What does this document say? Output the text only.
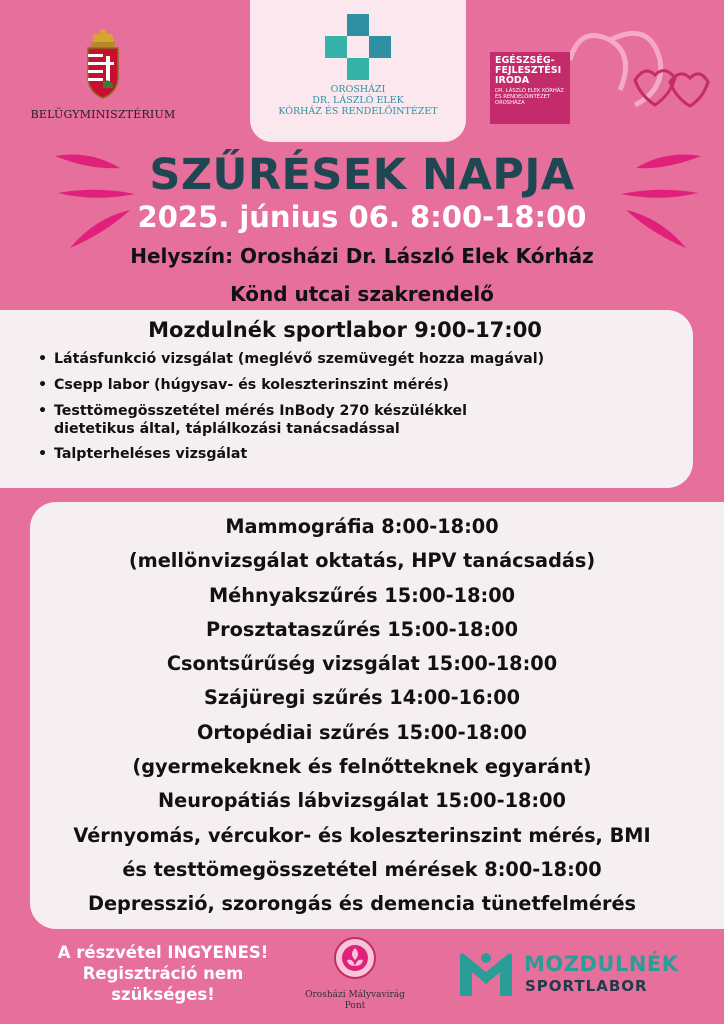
BELÜGYMINISZTÉRIUM
OROSHÁZI
DR. LÁSZLÓ ELEK
KÓRHÁZ ÉS RENDELŐINTÉZET
EGÉSZSÉG-
FEJLESZTÉSI
IRODA
DR. LÁSZLÓ ELEK KÓRHÁZ
ÉS RENDELŐINTÉZET
OROSHÁZA
SZŰRÉSEK NAPJA
2025. június 06. 8:00-18:00
Helyszín: Orosházi Dr. László Elek Kórház
Könd utcai szakrendelő
Mozdulnék sportlabor 9:00-17:00
• Látásfunkció vizsgálat (meglévő szemüvegét hozza magával)
• Csepp labor (húgysav- és koleszterinszint mérés)
• Testtömegösszetétel mérés InBody 270 készülékkel
dietetikus által, táplálkozási tanácsadással
• Talpterheléses vizsgálat
Mammográfia 8:00-18:00
(mellönvizsgálat oktatás, HPV tanácsadás)
Méhnyakszűrés 15:00-18:00
Prosztataszűrés 15:00-18:00
Csontsűrűség vizsgálat 15:00-18:00
Szájüregi szűrés 14:00-16:00
Ortopédiai szűrés 15:00-18:00
(gyermekeknek és felnőtteknek egyaránt)
Neuropátiás lábvizsgálat 15:00-18:00
Vérnyomás, vércukor- és koleszterinszint mérés, BMI
és testtömegösszetétel mérések 8:00-18:00
Depresszió, szorongás és demencia tünetfelmérés
A részvétel INGYENES!
Regisztráció nem
szükséges!	Orosházi Mályvavirág
Pont
MOZDULNÉK
SPORTLABOR
